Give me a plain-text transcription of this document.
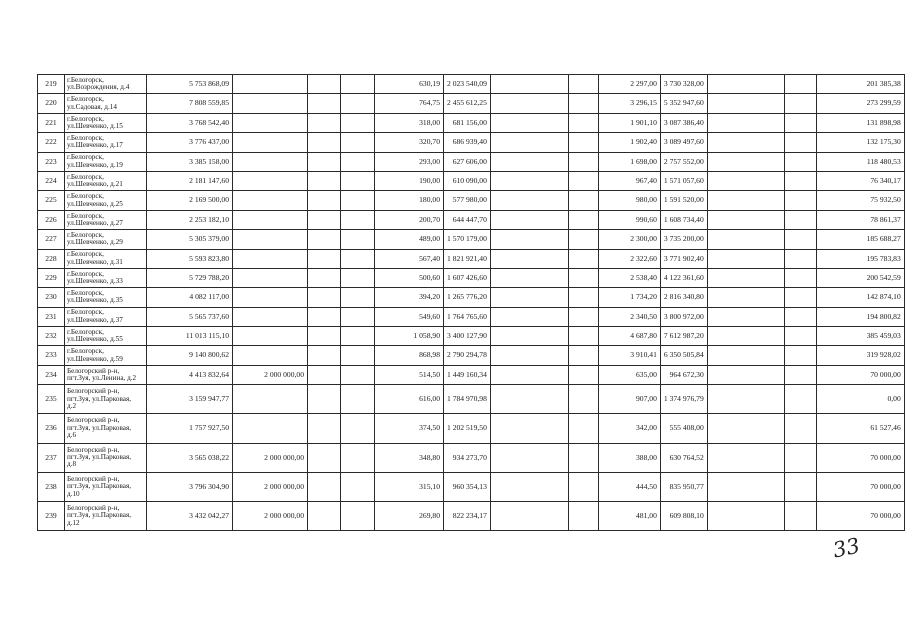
219	г.Белогорск,
ул.Возрождения, д.4	5 753 868,09				630,19	2 023 540,09			2 297,00	3 730 328,00			201 385,38
220	г.Белогорск,
ул.Садовая, д.14	7 808 559,85				764,75	2 455 612,25			3 296,15	5 352 947,60			273 299,59
221	г.Белогорск,
ул.Шевченко, д.15	3 768 542,40				318,00	681 156,00			1 901,10	3 087 386,40			131 898,98
222	г.Белогорск,
ул.Шевченко, д.17	3 776 437,00				320,70	686 939,40			1 902,40	3 089 497,60			132 175,30
223	г.Белогорск,
ул.Шевченко, д.19	3 385 158,00				293,00	627 606,00			1 698,00	2 757 552,00			118 480,53
224	г.Белогорск,
ул.Шевченко, д.21	2 181 147,60				190,00	610 090,00			967,40	1 571 057,60			76 340,17
225	г.Белогорск,
ул.Шевченко, д.25	2 169 500,00				180,00	577 980,00			980,00	1 591 520,00			75 932,50
226	г.Белогорск,
ул.Шевченко, д.27	2 253 182,10				200,70	644 447,70			990,60	1 608 734,40			78 861,37
227	г.Белогорск,
ул.Шевченко, д.29	5 305 379,00				489,00	1 570 179,00			2 300,00	3 735 200,00			185 688,27
228	г.Белогорск,
ул.Шевченко, д.31	5 593 823,80				567,40	1 821 921,40			2 322,60	3 771 902,40			195 783,83
229	г.Белогорск,
ул.Шевченко, д.33	5 729 788,20				500,60	1 607 426,60			2 538,40	4 122 361,60			200 542,59
230	г.Белогорск,
ул.Шевченко, д.35	4 082 117,00				394,20	1 265 776,20			1 734,20	2 816 340,80			142 874,10
231	г.Белогорск,
ул.Шевченко, д.37	5 565 737,60				549,60	1 764 765,60			2 340,50	3 800 972,00			194 800,82
232	г.Белогорск,
ул.Шевченко, д.55	11 013 115,10				1 058,90	3 400 127,90			4 687,80	7 612 987,20			385 459,03
233	г.Белогорск,
ул.Шевченко, д.59	9 140 800,62				868,98	2 790 294,78			3 910,41	6 350 505,84			319 928,02
234	Белогорский р-н,
пгт.Зуя, ул.Ленина, д.2	4 413 832,64	2 000 000,00			514,50	1 449 160,34			635,00	964 672,30			70 000,00
235	Белогорский р-н,
пгт.Зуя, ул.Парковая,
д.2	3 159 947,77				616,00	1 784 970,98			907,00	1 374 976,79			0,00
236	Белогорский р-н,
пгт.Зуя, ул.Парковая,
д.6	1 757 927,50				374,50	1 202 519,50			342,00	555 408,00			61 527,46
237	Белогорский р-н,
пгт.Зуя, ул.Парковая,
д.8	3 565 038,22	2 000 000,00			348,80	934 273,70			388,00	630 764,52			70 000,00
238	Белогорский р-н,
пгт.Зуя, ул.Парковая,
д.10	3 796 304,90	2 000 000,00			315,10	960 354,13			444,50	835 950,77			70 000,00
239	Белогорский р-н,
пгт.Зуя, ул.Парковая,
д.12	3 432 042,27	2 000 000,00			269,80	822 234,17			481,00	609 808,10			70 000,00
33
